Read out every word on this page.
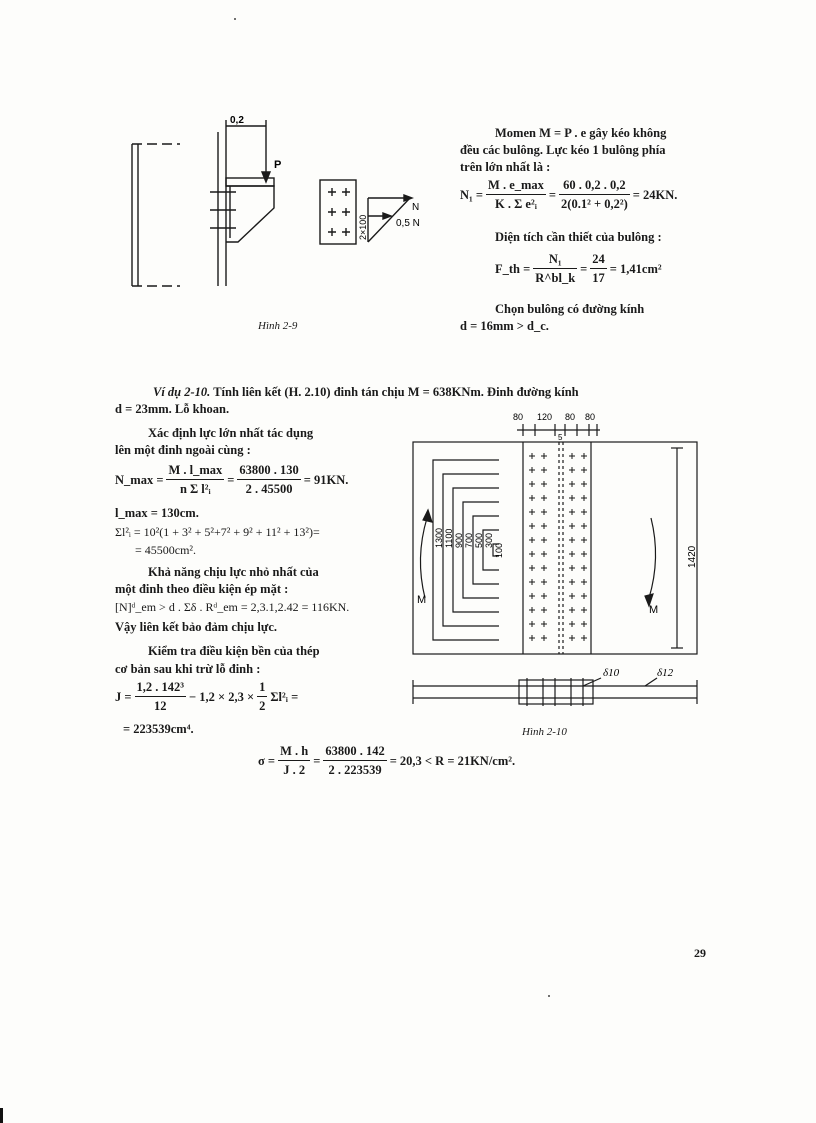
0,2
P
N
0,5 N
2×100
Hình 2-9
Momen M = P . e gây kéo không
đều các bulông. Lực kéo 1 bulông phía
trên lớn nhất là :
$N_1 = \frac{M . e\_\max}{\text{K . Σ e²ᵢ}} = \frac{60 . 0,2 . 0,2}{\text{2(0.1² + 0,2²)}} = 24KN$.
Diện tích cần thiết của bulông :
F_th = $\frac{\text{N₁}}{R\^{}bl\_k} = \frac{24}{17} = 1,41cm^2$
Chọn bulông có đường kính
d = 16mm > d_c.
Ví dụ 2-10. Tính liên kết (H. 2.10) đinh tán chịu M = 638KNm. Đinh đường kính
d = 23mm. Lỗ khoan.
Xác định lực lớn nhất tác dụng
lên một đinh ngoài cùng :
N_max = $\frac{M . l\_\max}{\text{n Σ l²ᵢ}} = \frac{63800 . 130}{2 . 45500} = 91KN$.
l_max = 130cm.
Σl²ᵢ = 10²(1 + 3² + 5²+7² + 9² + 11² + 13²)=
= 45500cm².
Khả năng chịu lực nhỏ nhất của
một đinh theo điều kiện ép mặt :
[N]ᵈ_em > d . Σδ . Rᵈ_em = 2,3.1,2.42 = 116KN.
Vậy liên kết bảo đảm chịu lực.
Kiểm tra điều kiện bền của thép
cơ bản sau khi trừ lỗ đinh :
$J = \frac{\text{1,2 . 142³}}{12} - 1,2 \times 2,3 \times \frac{1}{2}$ Σl²ᵢ =
= 223539cm⁴.
$\sigma = \frac{M . h}{J . 2} = \frac{63800 . 142}{2 . 223539} = 20,3 < R = 21KN/cm^2$.
80 120 80 80
5
1300 1100 900 700 500 300
100	1420
M
M
δ10	δ12
Hình 2-10
29
